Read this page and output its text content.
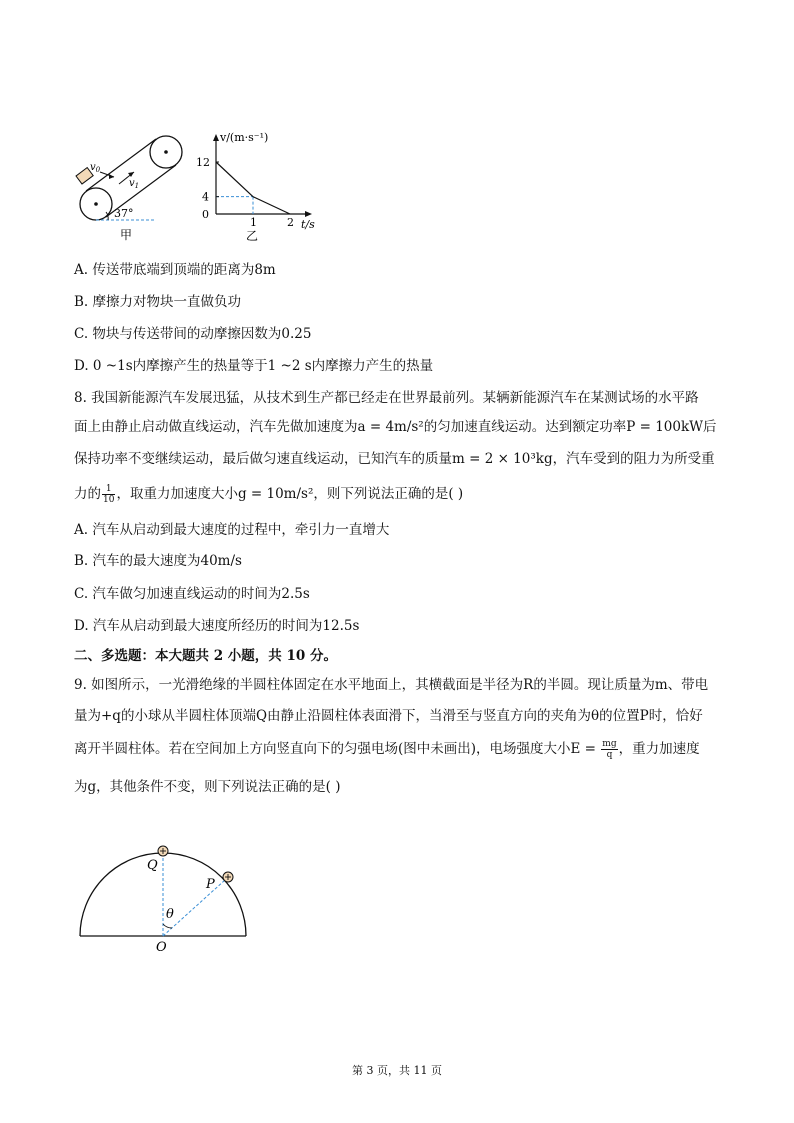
$v_0$
$v_1$
37°
甲
v/(m·s⁻¹)
t/s
0
4
12
1	2
乙
A. 传送带底端到顶端的距离为8m
B. 摩擦力对物块一直做负功
C. 物块与传送带间的动摩擦因数为0.25
D. 0 ~1s内摩擦产生的热量等于1 ~2 s内摩擦力产生的热量
8. 我国新能源汽车发展迅猛，从技术到生产都已经走在世界最前列。某辆新能源汽车在某测试场的水平路
面上由静止启动做直线运动，汽车先做加速度为a = 4m/s²的匀加速直线运动。达到额定功率P = 100kW后
保持功率不变继续运动，最后做匀速直线运动，已知汽车的质量m = 2 × 10³kg，汽车受到的阻力为所受重
力的 $\frac{1}{10}$ ，取重力加速度大小g = 10m/s²，则下列说法正确的是( )
A. 汽车从启动到最大速度的过程中，牵引力一直增大
B. 汽车的最大速度为40m/s
C. 汽车做匀加速直线运动的时间为2.5s
D. 汽车从启动到最大速度所经历的时间为12.5s
二、多选题：本大题共 2 小题，共 10 分。
9. 如图所示，一光滑绝缘的半圆柱体固定在水平地面上，其横截面是半径为R的半圆。现让质量为m、带电
量为+q的小球从半圆柱体顶端Q由静止沿圆柱体表面滑下，当滑至与竖直方向的夹角为θ的位置P时，恰好
离开半圆柱体。若在空间加上方向竖直向下的匀强电场(图中未画出)，电场强度大小$E = \frac{mg}{q}$ ，重力加速度
为g，其他条件不变，则下列说法正确的是( )
Q
P
θ
O
第 3 页，共 11 页
